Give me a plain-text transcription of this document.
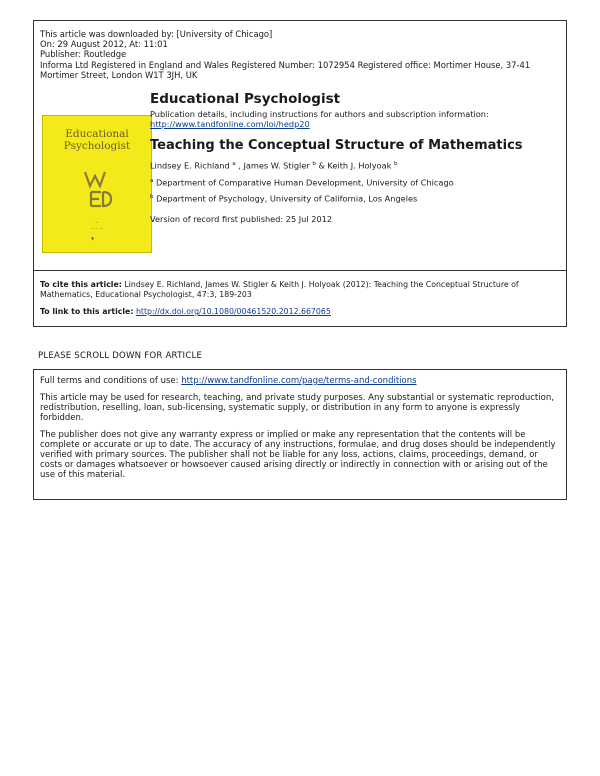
This article was downloaded by: [University of Chicago]

On: 29 August 2012, At: 11:01

Publisher: Routledge

Informa Ltd Registered in England and Wales Registered Number: 1072954 Registered office: Mortimer House, 37-41 Mortimer Street, London W1T 3JH, UK

Educational
Psychologist
—
— — —
▼

Educational Psychologist

Publication details, including instructions for authors and subscription information:
http://www.tandfonline.com/loi/hedp20

Teaching the Conceptual Structure of Mathematics

Lindsey E. Richland $^a$ , James W. Stigler $^b$ & Keith J. Holyoak $^b$

$^a$ Department of Comparative Human Development, University of Chicago

$^b$ Department of Psychology, University of California, Los Angeles

Version of record first published: 25 Jul 2012

To cite this article: Lindsey E. Richland, James W. Stigler & Keith J. Holyoak (2012): Teaching the Conceptual Structure of Mathematics, Educational Psychologist, 47:3, 189-203
To link to this article: http://dx.doi.org/10.1080/00461520.2012.667065
PLEASE SCROLL DOWN FOR ARTICLE

Full terms and conditions of use: http://www.tandfonline.com/page/terms-and-conditions

This article may be used for research, teaching, and private study purposes. Any substantial or systematic reproduction, redistribution, reselling, loan, sub-licensing, systematic supply, or distribution in any form to anyone is expressly forbidden.

The publisher does not give any warranty express or implied or make any representation that the contents will be complete or accurate or up to date. The accuracy of any instructions, formulae, and drug doses should be independently verified with primary sources. The publisher shall not be liable for any loss, actions, claims, proceedings, demand, or costs or damages whatsoever or howsoever caused arising directly or indirectly in connection with or arising out of the use of this material.
